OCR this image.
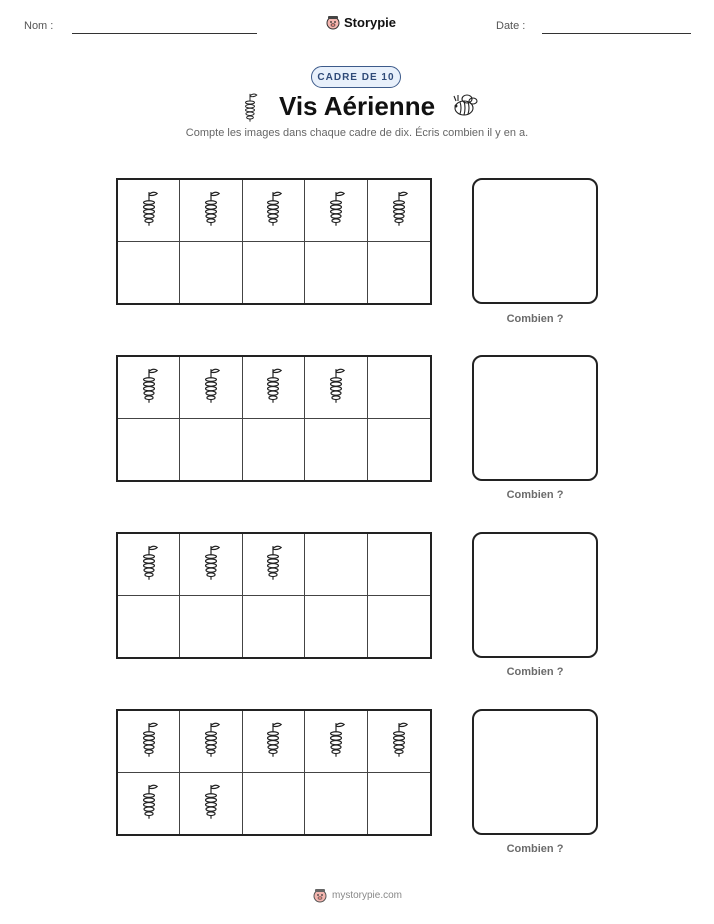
Nom :	Storypie	Date :
CADRE DE 10
Vis Aérienne
Compte les images dans chaque cadre de dix. Écris combien il y en a.
Combien ?
Combien ?
Combien ?
Combien ?
mystorypie.com
